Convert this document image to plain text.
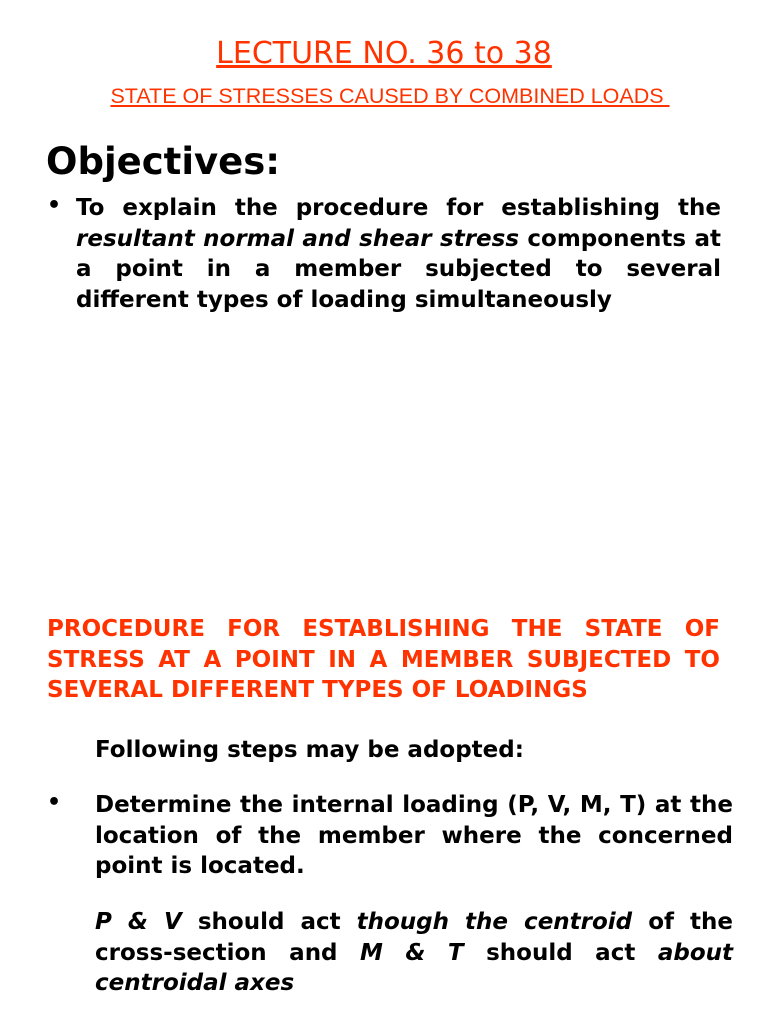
LECTURE NO. 36 to 38
STATE OF STRESSES CAUSED BY COMBINED LOADS
Objectives:
• To explain the procedure for establishing the resultant normal and shear stress components at a point in a member subjected to several different types of loading simultaneously
PROCEDURE FOR ESTABLISHING THE STATE OF STRESS AT A POINT IN A MEMBER SUBJECTED TO SEVERAL DIFFERENT TYPES OF LOADINGS
Following steps may be adopted:
• Determine the internal loading (P, V, M, T) at the location of the member where the concerned point is located.
P & V should act though the centroid of the cross-section and M & T should act about centroidal axes
